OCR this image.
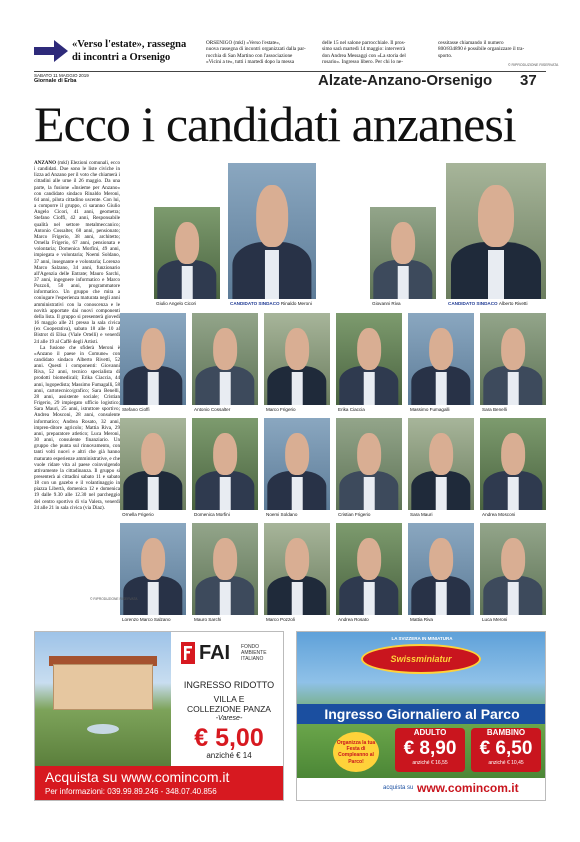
«Verso l'estate», rassegna
di incontri a Orsenigo
ORSENIGO (mkl) «Verso l'estate»,
nuova rassegna di incontri organizzati dalla par-
rocchia di San Martino con l'associazione
«Vicini a te», tutti i martedì dopo la messa
delle 15 nel salone parrocchiale. Il pros-
simo sarà martedì 14 maggio: interverrà
don Andrea Messaggi con «La storia del
rosario». Ingresso libero. Per chi lo ne-
cessitasse chiamando il numero
800/834890 è possibile organizzare il tra-
sporto.
© RIPRODUZIONE RISERVATA
SABATO 11 MAGGIO 2019
Giornale di Erba	Alzate-Anzano-Orsenigo 37
Ecco i candidati anzanesi

ANZANO (mkl) Elezioni comunali, ecco i candidati. Due sono le liste civiche in lizza ad Anzano per il voto che chiamerà i cittadini alle urne il 26 maggio. Da una parte, la fusione «Insieme per Anzano» con candidato sindaco Rinaldo Meroni, 64 anni, pilota cittadino uscente. Con lui, a comporre il gruppo, ci saranno Giulio Angelo Cicori, 41 anni, geometra; Stefano Cioffi, 42 anni, Responsabile qualità nel settore metalmeccanico; Antonio Cossalter, 68 anni, pensionato; Marco Frigerio, 38 anni, architetto; Ornella Frigerio, 67 anni, pensionata e volontaria; Domenica Morfini, 49 anni, impiegata e volontaria; Noemi Soldano, 37 anni, insegnante e volontaria; Lorenzo Marco Salzano, 34 anni, funzionario all'Agenzia delle Entrate; Mauro Sarchi, 37 anni, ingegnere informatico e Marco Pozzoli, 50 anni, programmatore informatico. Un gruppo che mira a coniugare l'esperienza maturata negli anni amministrativi con la conoscenza e le novità apportate dai nuovi componenti della lista. Il gruppo si presenterà giovedì 16 maggio alle 21 presso la sala civica (ex Cooperativa), sabato 18 alle 10 al Bistrot di Elisa (Viale Ortelli) e venerdì 24 alle 19 al Caffè degli Artisti.

La fusione che sfiderà Meroni è «Anzano il paese in Comune» con candidato sindaco Alberto Rivetti, 52 anni. Questi i componenti: Giovanni Riva, 52 anni, tecnico specialista di prodotti biomedicali; Erika Ciaccia, 44 anni, logopedista; Massimo Fumagalli, 58 anni, cartotecnico/grafico; Sara Benelli, 28 anni, assistente sociale; Cristian Frigerio, 29 impiegato ufficio logistico; Sara Mauri, 25 anni, istruttore sportivo; Andrea Mosconi, 28 anni, consulente informatico; Andrea Rosato, 32 anni, impren-ditore agricolo; Mattia Riva, 29 anni, preparatore atletico; Luca Meroni, 30 anni, consulente finanziario. Un gruppo che punta sul rinnovamento, con tanti volti nuovi e altri che già hanno maturato esperienze amministrative, e che vuole ridare vita al paese coinvolgendo attivamente la cittadinanza. Il gruppo si presenterà ai cittadini sabato 11 e sabato 18 con un gazebo e il volantinaggio in piazza Libertà, domenica 12 e domenica 19 dalle 9.30 alle 12.30 nel parcheggio del centro sportivo di via Valera, venerdì 24 alle 21 in sala civica (via Diaz).

Giulio Angelo Cicori	CANDIDATO SINDACO Rinaldo Meroni	Giovanni Riva	CANDIDATO SINDACO Alberto Rivetti
Stefano Cioffi	Antonio Cossalter	Marco Frigerio	Erika Ciaccia	Massimo Fumagalli	Sara Benelli
Ornella Frigerio	Domenica Morfini	Noemi Soldano	Cristian Frigerio	Sara Mauri	Andrea Mosconi
Lorenzo Marco Salzano	Mauro Sarchi	Marco Pozzoli	Andrea Rosato	Mattia Riva	Luca Meroni
© RIPRODUZIONE RISERVATA
FAI FONDO
AMBIENTE
ITALIANO
INGRESSO RIDOTTO
VILLA E
COLLEZIONE PANZA
-Varese-
€ 5,00
anziché € 14
Acquista su www.comincom.it
Per informazioni: 039.99.89.246 - 348.07.40.856
LA SVIZZERA IN MINIATURA
Swissminiatur
Ingresso Giornaliero al Parco
Organizza la tua Festa di Compleanno al Parco!
ADULTO
€ 8,90
anziché € 16,55
BAMBINO
€ 6,50
anziché € 10,45
acquista su www.comincom.it
